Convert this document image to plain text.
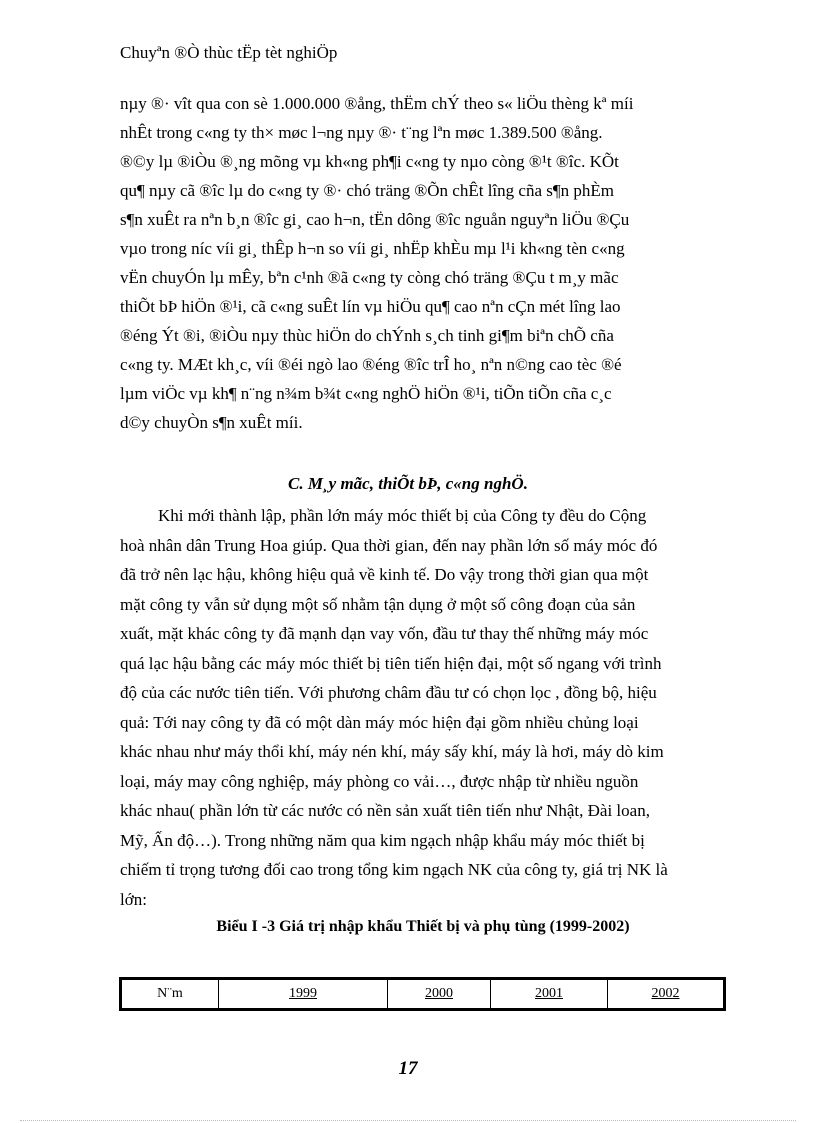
Chuyªn ®Ò thùc tËp tèt nghiÖp
nµy ®· vît qua con sè 1.000.000 ®ång, thËm chÝ theo s« liÖu thèng kª míi
nhÊt trong c«ng ty th× møc l¬ng nµy ®· t¨ng lªn møc 1.389.500 ®ång.
®©y lµ ®iÒu ®¸ng mõng vµ kh«ng ph¶i c«ng ty nµo còng ®¹t ®îc. KÕt
qu¶ nµy cã ®îc lµ do c«ng ty ®· chó träng ®Õn chÊt lîng cña s¶n phÈm
s¶n xuÊt ra nªn b¸n ®îc gi¸ cao h¬n, tËn dông ®îc nguån nguyªn liÖu ®Çu
vµo trong níc víi gi¸ thÊp h¬n so víi gi¸ nhËp khÈu mµ l¹i kh«ng tèn c«ng
vËn chuyÓn lµ mÊy, bªn c¹nh ®ã c«ng ty còng chó träng ®Çu t m¸y mãc
thiÕt bÞ hiÖn ®¹i, cã c«ng suÊt lín vµ hiÖu qu¶ cao nªn cÇn mét lîng lao
®éng Ýt ®i, ®iÒu nµy thùc hiÖn do chÝnh s¸ch tinh gi¶m biªn chÕ cña
c«ng ty. MÆt kh¸c, víi ®éi ngò lao ®éng ®îc trÎ ho¸ nªn n©ng cao tèc ®é
lµm viÖc vµ kh¶ n¨ng n¾m b¾t c«ng nghÖ hiÖn ®¹i, tiÕn tiÕn cña c¸c
d©y chuyÒn s¶n xuÊt míi.
C. M¸y mãc, thiÕt bÞ, c«ng nghÖ.
Khi mới thành lập, phần lớn máy móc thiết bị của Công ty đều do Cộng
hoà nhân dân Trung Hoa giúp. Qua thời gian, đến nay phần lớn số máy móc đó
đã trở nên lạc hậu, không hiệu quả về kinh tế. Do vậy trong thời gian qua một
mặt công ty vẫn sử dụng một số nhằm tận dụng ở một số công đoạn của sản
xuất, mặt khác công ty đã mạnh dạn vay vốn, đầu tư thay thế những máy móc
quá lạc hậu bằng các máy móc thiết bị tiên tiến hiện đại, một số ngang với trình
độ của các nước tiên tiến. Với phương châm đầu tư có chọn lọc , đồng bộ, hiệu
quả: Tới nay công ty đã có một dàn máy móc hiện đại gồm nhiều chủng loại
khác nhau như máy thổi khí, máy nén khí, máy sấy khí, máy là hơi, máy dò kim
loại, máy may công nghiệp, máy phòng co vải…, được nhập từ nhiều nguồn
khác nhau( phần lớn từ các nước có nền sản xuất tiên tiến như Nhật, Đài loan,
Mỹ, Ấn độ…). Trong những năm qua kim ngạch nhập khẩu máy móc thiết bị
chiếm tỉ trọng tương đối cao trong tổng kim ngạch NK của công ty, giá trị NK là
lớn:
Biểu I -3 Giá trị nhập khẩu Thiết bị và phụ tùng (1999-2002)
N¨m	1999	2000	2001	2002
17
